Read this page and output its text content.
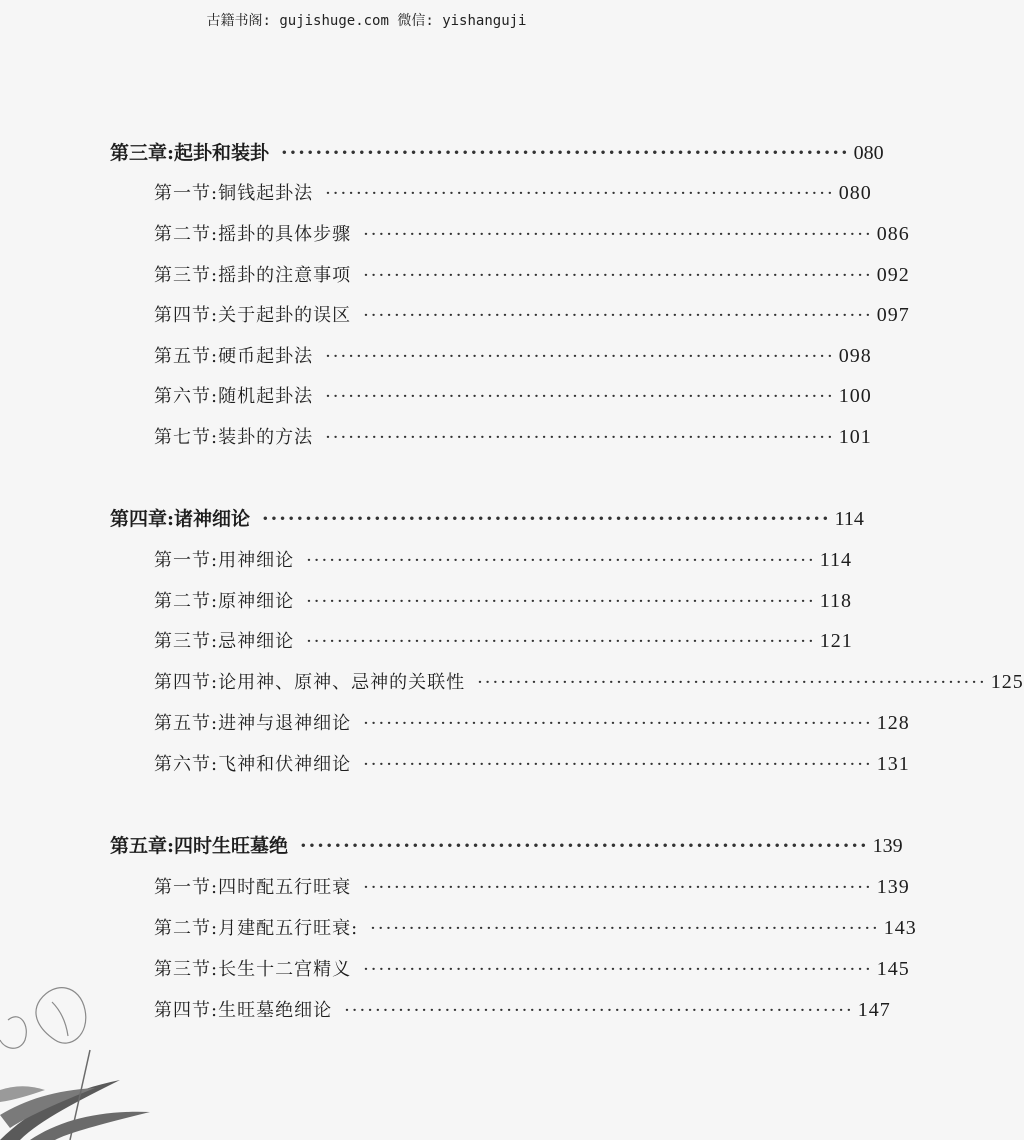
古籍书阁: gujishuge.com 微信: yishanguji
第三章:起卦和装卦 ·································································· 080
第一节:铜钱起卦法 ·································································· 080
第二节:摇卦的具体步骤 ·································································· 086
第三节:摇卦的注意事项 ·································································· 092
第四节:关于起卦的误区 ·································································· 097
第五节:硬币起卦法 ·································································· 098
第六节:随机起卦法 ·································································· 100
第七节:装卦的方法 ·································································· 101
第四章:诸神细论 ·································································· 114
第一节:用神细论 ·································································· 114
第二节:原神细论 ·································································· 118
第三节:忌神细论 ·································································· 121
第四节:论用神、原神、忌神的关联性 ·································································· 125
第五节:进神与退神细论 ·································································· 128
第六节:飞神和伏神细论 ·································································· 131
第五章:四时生旺墓绝 ·································································· 139
第一节:四时配五行旺衰 ·································································· 139
第二节:月建配五行旺衰: ·································································· 143
第三节:长生十二宫精义 ·································································· 145
第四节:生旺墓绝细论 ·································································· 147
